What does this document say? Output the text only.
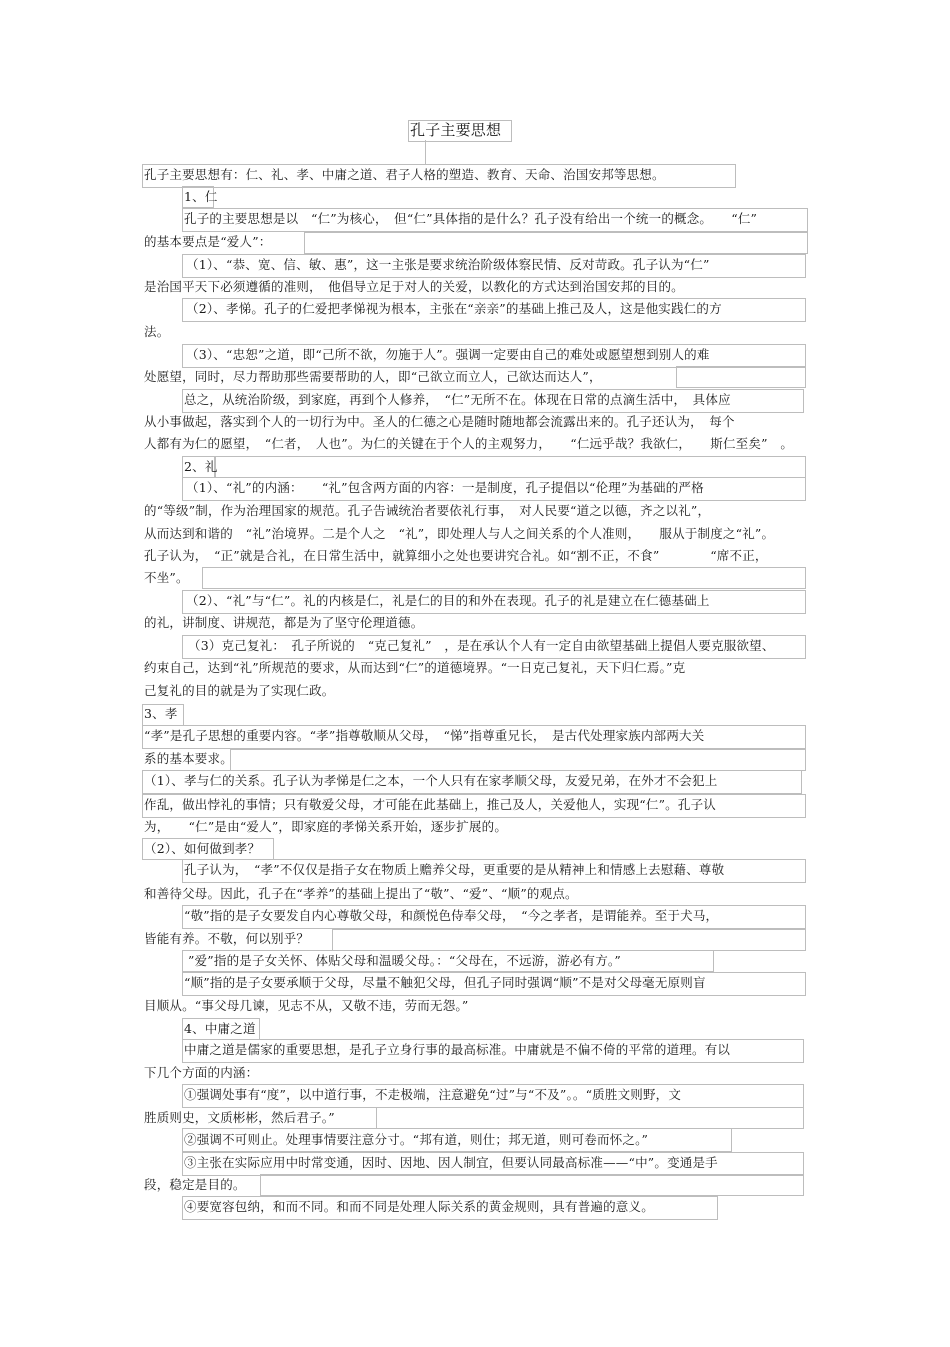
孔子主要思想
孔子主要思想有：仁、礼、孝、中庸之道、君子人格的塑造、教育、天命、治国安邦等思想。
1、仁
孔子的主要思想是以　“仁”为核心，　但“仁”具体指的是什么？孔子没有给出一个统一的概念。　　“仁”
的基本要点是“爱人”：
（1）、“恭、宽、信、敏、惠”，这一主张是要求统治阶级体察民情、反对苛政。孔子认为“仁”
是治国平天下必须遵循的准则，　他倡导立足于对人的关爱，以教化的方式达到治国安邦的目的。
（2）、孝悌。孔子的仁爱把孝悌视为根本，主张在“亲亲”的基础上推己及人，这是他实践仁的方
法。
（3）、“忠恕”之道，即“己所不欲，勿施于人”。强调一定要由自己的难处或愿望想到别人的难
处愿望，同时，尽力帮助那些需要帮助的人，即“己欲立而立人，己欲达而达人”，
总之，从统治阶级，到家庭，再到个人修养，　“仁”无所不在。体现在日常的点滴生活中，　具体应
从小事做起，落实到个人的一切行为中。圣人的仁德之心是随时随地都会流露出来的。孔子还认为，　每个
人都有为仁的愿望，　“仁者，　人也”。为仁的关键在于个人的主观努力，　　“仁远乎哉？我欲仁，　　斯仁至矣”　。
2、礼
（1）、“礼”的内涵：　　“礼”包含两方面的内容：一是制度，孔子提倡以“伦理”为基础的严格
的“等级”制，作为治理国家的规范。孔子告诫统治者要依礼行事，　对人民要“道之以德，齐之以礼”，
从而达到和谐的　“礼”治境界。二是个人之　“礼”，即处理人与人之间关系的个人准则，　　服从于制度之“礼”。
孔子认为，　“正”就是合礼，在日常生活中，就算细小之处也要讲究合礼。如“割不正，不食”　　　　“席不正，
不坐”。
（2）、“礼”与“仁”。礼的内核是仁，礼是仁的目的和外在表现。孔子的礼是建立在仁德基础上
的礼，讲制度、讲规范，都是为了坚守伦理道德。
（3）克己复礼：　孔子所说的　“克己复礼”　，是在承认个人有一定自由欲望基础上提倡人要克服欲望、
约束自己，达到“礼”所规范的要求，从而达到“仁”的道德境界。“一日克己复礼，天下归仁焉。”克
己复礼的目的就是为了实现仁政。
3、孝
“孝”是孔子思想的重要内容。“孝”指尊敬顺从父母，　“悌”指尊重兄长，　是古代处理家族内部两大关
系的基本要求。
（1）、孝与仁的关系。孔子认为孝悌是仁之本，一个人只有在家孝顺父母，友爱兄弟，在外才不会犯上
作乱，做出悖礼的事情；只有敬爱父母，才可能在此基础上，推己及人，关爱他人，实现“仁”。孔子认
为，　　“仁”是由“爱人”，即家庭的孝悌关系开始，逐步扩展的。
（2）、如何做到孝？
孔子认为，　“孝”不仅仅是指子女在物质上赡养父母，更重要的是从精神上和情感上去慰藉、尊敬
和善待父母。因此，孔子在“孝养”的基础上提出了“敬”、“爱”、“顺”的观点。
“敬”指的是子女要发自内心尊敬父母，和颜悦色侍奉父母，　“今之孝者，是谓能养。至于犬马，
皆能有养。不敬，何以别乎？
”爱”指的是子女关怀、体贴父母和温暖父母。：“父母在，不远游，游必有方。”
“顺”指的是子女要承顺于父母，尽量不触犯父母，但孔子同时强调“顺”不是对父母毫无原则盲
目顺从。“事父母几谏，见志不从，又敬不违，劳而无怨。”
4、中庸之道
中庸之道是儒家的重要思想，是孔子立身行事的最高标准。中庸就是不偏不倚的平常的道理。有以
下几个方面的内涵：
①强调处事有“度”，以中道行事，不走极端，注意避免“过”与“不及”。。“质胜文则野，文
胜质则史，文质彬彬，然后君子。”
②强调不可则止。处理事情要注意分寸。“邦有道，则仕；邦无道，则可卷而怀之。”
③主张在实际应用中时常变通，因时、因地、因人制宜，但要认同最高标准——“中”。变通是手
段，稳定是目的。
④要宽容包纳，和而不同。和而不同是处理人际关系的黄金规则，具有普遍的意义。
